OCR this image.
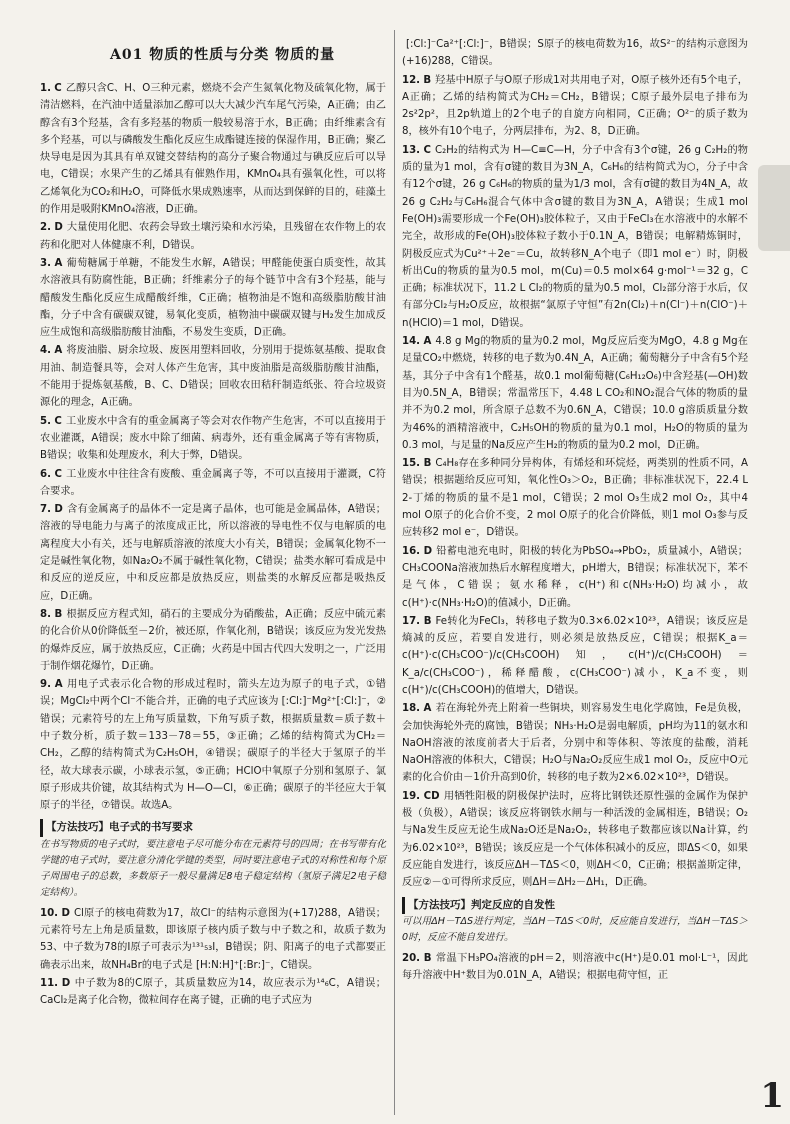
A01 物质的性质与分类 物质的量
1. C 乙醇只含C、H、O三种元素，燃烧不会产生氮氧化物及硫氧化物，属于清洁燃料，在汽油中适量添加乙醇可以大大减少汽车尾气污染，A正确；由乙醇含有3个羟基，含有多羟基的物质一般较易溶于水，B正确；由纤维素含有多个羟基，可以与磷酸发生酯化反应生成酯键连接的保湿作用，B正确；聚乙炔导电是因为其具有单双键交替结构的高分子聚合物通过与碘反应后可以导电，C错误；水果产生的乙烯具有催熟作用，KMnO₄具有强氧化性，可以将乙烯氧化为CO₂和H₂O，可降低水果成熟速率，从而达到保鲜的目的，硅藻土的作用是吸附KMnO₄溶液，D正确。
2. D 大量使用化肥、农药会导致土壤污染和水污染，且残留在农作物上的农药和化肥对人体健康不利，D错误。
3. A 葡萄糖属于单糖，不能发生水解，A错误；甲醛能使蛋白质变性，故其水溶液具有防腐性能，B正确；纤维素分子的每个链节中含有3个羟基，能与醋酸发生酯化反应生成醋酸纤维，C正确；植物油是不饱和高级脂肪酸甘油酯，分子中含有碳碳双键，易氧化变质，植物油中碳碳双键与H₂发生加成反应生成饱和高级脂肪酸甘油酯，不易发生变质，D正确。
4. A 将废油脂、厨余垃圾、废医用塑料回收，分别用于提炼氨基酸、提取食用油、制造餐具等，会对人体产生危害，其中废油脂是高级脂肪酸甘油酯，不能用于提炼氨基酸，B、C、D错误；回收农田秸秆制造纸张、符合垃圾资源化的理念，A正确。
5. C 工业废水中含有的重金属离子等会对农作物产生危害，不可以直接用于农业灌溉，A错误；废水中除了细菌、病毒外，还有重金属离子等有害物质，B错误；收集和处理废水，利大于弊，D错误。
6. C 工业废水中往往含有废酸、重金属离子等，不可以直接用于灌溉，C符合要求。
7. D 含有金属离子的晶体不一定是离子晶体，也可能是金属晶体，A错误；溶液的导电能力与离子的浓度成正比，所以溶液的导电性不仅与电解质的电离程度大小有关，还与电解质溶液的浓度大小有关，B错误；金属氧化物不一定是碱性氧化物，如Na₂O₂不属于碱性氧化物，C错误；盐类水解可看成是中和反应的逆反应，中和反应都是放热反应，则盐类的水解反应都是吸热反应，D正确。
8. B 根据反应方程式知，硝石的主要成分为硝酸盐，A正确；反应中硫元素的化合价从0价降低至－2价，被还原，作氧化剂，B错误；该反应为发光发热的爆炸反应，属于放热反应，C正确；火药是中国古代四大发明之一，广泛用于制作烟花爆竹，D正确。
9. A 用电子式表示化合物的形成过程时，箭头左边为原子的电子式，①错误；MgCl₂中两个Cl⁻不能合并，正确的电子式应该为 [:Cl:]⁻Mg²⁺[:Cl:]⁻，②错误；元素符号的左上角写质量数，下角写质子数，根据质量数＝质子数＋中子数分析，质子数＝133－78＝55，③正确；乙烯的结构简式为CH₂＝CH₂，乙醇的结构简式为C₂H₅OH，④错误；碳原子的半径大于氢原子的半径，故大球表示碳，小球表示氢，⑤正确；HClO中氧原子分别和氢原子、氯原子形成共价键，故其结构式为 H—O—Cl，⑥正确；碳原子的半径应大于氧原子的半径，⑦错误。故选A。
【方法技巧】电子式的书写要求
在书写物质的电子式时，要注意电子尽可能分布在元素符号的四周；在书写带有化学键的电子式时，要注意分清化学键的类型，同时要注意电子式的对称性和每个原子周围电子的总数，多数原子一般尽量满足8电子稳定结构（氢原子满足2电子稳定结构）。
10. D Cl原子的核电荷数为17，故Cl⁻的结构示意图为(+17)288，A错误；元素符号左上角是质量数，即该原子核内质子数与中子数之和，故质子数为53、中子数为78的I原子可表示为¹³¹₅₃I，B错误；阴、阳离子的电子式都要正确表示出来，故NH₄Br的电子式是 [H:N:H]⁺[:Br:]⁻，C错误。
11. D 中子数为8的C原子，其质量数应为14，故应表示为¹⁴₆C，A错误；CaCl₂是离子化合物，微粒间存在离子键，正确的电子式应为
[:Cl:]⁻Ca²⁺[:Cl:]⁻，B错误；S原子的核电荷数为16，故S²⁻的结构示意图为(+16)288，C错误。
12. B 羟基中H原子与O原子形成1对共用电子对，O原子核外还有5个电子，A正确；乙烯的结构简式为CH₂＝CH₂，B错误；C原子最外层电子排布为2s²2p²，且2p轨道上的2个电子的自旋方向相同，C正确；O²⁻的质子数为8，核外有10个电子，分两层排布，为2、8，D正确。
13. C C₂H₂的结构式为 H—C≡C—H，分子中含有3个σ键，26 g C₂H₂的物质的量为1 mol，含有σ键的数目为3N_A，C₆H₆的结构简式为⬡，分子中含有12个σ键，26 g C₆H₆的物质的量为1/3 mol，含有σ键的数目为4N_A，故26 g C₂H₂与C₆H₆混合气体中含σ键的数目为3N_A，A错误；生成1 mol Fe(OH)₃需要形成一个Fe(OH)₃胶体粒子，又由于FeCl₃在水溶液中的水解不完全，故形成的Fe(OH)₃胶体粒子数小于0.1N_A，B错误；电解精炼铜时，阴极反应式为Cu²⁺＋2e⁻＝Cu，故转移N_A个电子（即1 mol e⁻）时，阴极析出Cu的物质的量为0.5 mol，m(Cu)＝0.5 mol×64 g·mol⁻¹＝32 g，C正确；标准状况下，11.2 L Cl₂的物质的量为0.5 mol，Cl₂部分溶于水后，仅有部分Cl₂与H₂O反应，故根据“氯原子守恒”有2n(Cl₂)＋n(Cl⁻)＋n(ClO⁻)＋n(HClO)＝1 mol，D错误。
14. A 4.8 g Mg的物质的量为0.2 mol，Mg反应后变为MgO，4.8 g Mg在足量CO₂中燃烧，转移的电子数为0.4N_A，A正确；葡萄糖分子中含有5个羟基，其分子中含有1个醛基，故0.1 mol葡萄糖(C₆H₁₂O₆)中含羟基(—OH)数目为0.5N_A，B错误；常温常压下，4.48 L CO₂和NO₂混合气体的物质的量并不为0.2 mol，所含原子总数不为0.6N_A，C错误；10.0 g溶质质量分数为46%的酒精溶液中，C₂H₅OH的物质的量为0.1 mol，H₂O的物质的量为0.3 mol，与足量的Na反应产生H₂的物质的量为0.2 mol，D正确。
15. B C₄H₈存在多种同分异构体，有烯烃和环烷烃，两类别的性质不同，A错误；根据题给反应可知，氧化性O₃＞O₂，B正确；非标准状况下，22.4 L 2-丁烯的物质的量不是1 mol，C错误；2 mol O₃生成2 mol O₂，其中4 mol O原子的化合价不变，2 mol O原子的化合价降低，则1 mol O₃参与反应转移2 mol e⁻，D错误。
16. D 铅蓄电池充电时，阳极的转化为PbSO₄→PbO₂，质量减小，A错误；CH₃COONa溶液加热后水解程度增大，pH增大，B错误；标准状况下，苯不是气体，C错误；氨水稀释，c(H⁺)和c(NH₃·H₂O)均减小，故c(H⁺)·c(NH₃·H₂O)的值减小，D正确。
17. B Fe转化为FeCl₃，转移电子数为0.3×6.02×10²³，A错误；该反应是熵减的反应，若要自发进行，则必须是放热反应，C错误；根据K_a＝c(H⁺)·c(CH₃COO⁻)/c(CH₃COOH)知，c(H⁺)/c(CH₃COOH)＝K_a/c(CH₃COO⁻)，稀释醋酸，c(CH₃COO⁻)减小，K_a不变，则c(H⁺)/c(CH₃COOH)的值增大，D错误。
18. A 若在海轮外壳上附着一些铜块，则容易发生电化学腐蚀，Fe是负极，会加快海轮外壳的腐蚀，B错误；NH₃·H₂O是弱电解质，pH均为11的氨水和NaOH溶液的浓度前者大于后者，分别中和等体积、等浓度的盐酸，消耗NaOH溶液的体积大，C错误；H₂O与Na₂O₂反应生成1 mol O₂，反应中O元素的化合价由－1价升高到0价，转移的电子数为2×6.02×10²³，D错误。
19. CD 用牺牲阳极的阴极保护法时，应将比钢铁还原性强的金属作为保护极（负极），A错误；该反应将钢铁水闸与一种活泼的金属相连，B错误；O₂与Na发生反应无论生成Na₂O还是Na₂O₂，转移电子数都应该以Na计算，约为6.02×10²³，B错误；该反应是一个气体体积减小的反应，即ΔS＜0，如果反应能自发进行，该反应ΔH－TΔS＜0，则ΔH＜0，C正确；根据盖斯定律，反应②－①可得所求反应，则ΔH＝ΔH₂－ΔH₁，D正确。
【方法技巧】判定反应的自发性
可以用ΔH－TΔS进行判定，当ΔH－TΔS＜0时，反应能自发进行，当ΔH－TΔS＞0时，反应不能自发进行。
20. B 常温下H₃PO₄溶液的pH＝2，则溶液中c(H⁺)是0.01 mol·L⁻¹，因此每升溶液中H⁺数目为0.01N_A，A错误；根据电荷守恒，正
1
